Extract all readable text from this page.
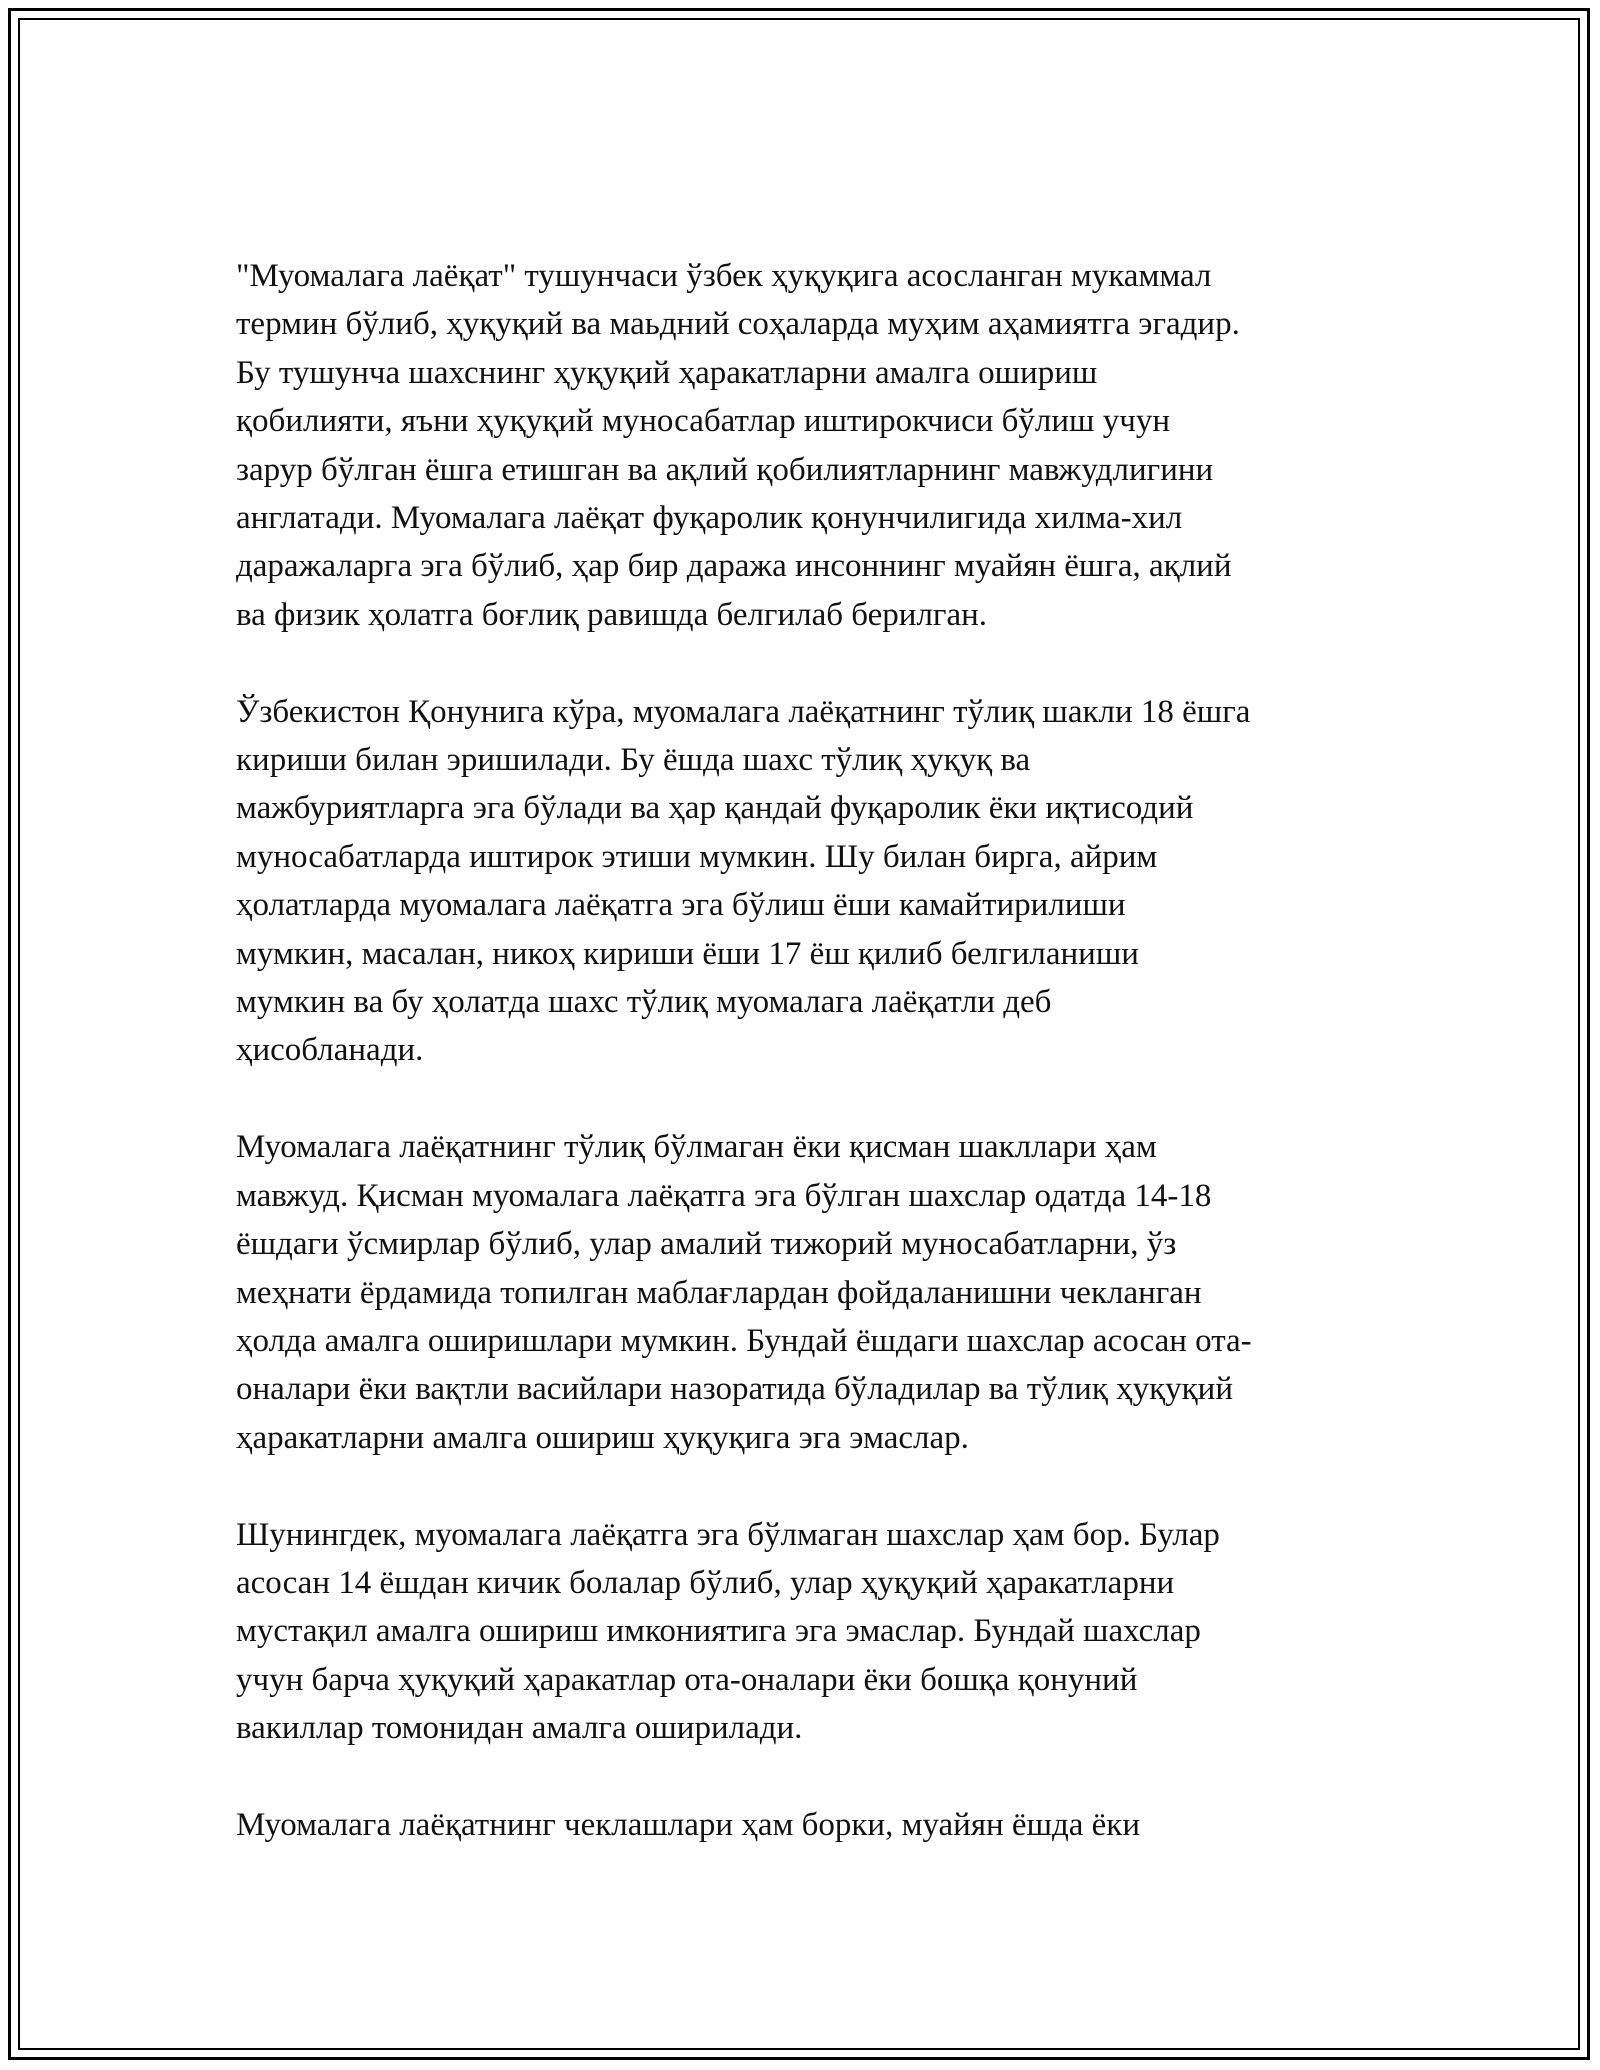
"Муомалага лаёқат" тушунчаси ўзбек ҳуқуқига асосланган мукаммал
термин бўлиб, ҳуқуқий ва маьдний соҳаларда муҳим аҳамиятга эгадир.
Бу тушунча шахснинг ҳуқуқий ҳаракатларни амалга ошириш
қобилияти, яъни ҳуқуқий муносабатлар иштирокчиси бўлиш учун
зарур бўлган ёшга етишган ва ақлий қобилиятларнинг мавжудлигини
англатади. Муомалага лаёқат фуқаролик қонунчилигида хилма-хил
даражаларга эга бўлиб, ҳар бир даража инсоннинг муайян ёшга, ақлий
ва физик ҳолатга боғлиқ равишда белгилаб берилган.

Ўзбекистон Қонунига кўра, муомалага лаёқатнинг тўлиқ шакли 18 ёшга
кириши билан эришилади. Бу ёшда шахс тўлиқ ҳуқуқ ва
мажбуриятларга эга бўлади ва ҳар қандай фуқаролик ёки иқтисодий
муносабатларда иштирок этиши мумкин. Шу билан бирга, айрим
ҳолатларда муомалага лаёқатга эга бўлиш ёши камайтирилиши
мумкин, масалан, никоҳ кириши ёши 17 ёш қилиб белгиланиши
мумкин ва бу ҳолатда шахс тўлиқ муомалага лаёқатли деб
ҳисобланади.

Муомалага лаёқатнинг тўлиқ бўлмаган ёки қисман шакллари ҳам
мавжуд. Қисман муомалага лаёқатга эга бўлган шахслар одатда 14-18
ёшдаги ўсмирлар бўлиб, улар амалий тижорий муносабатларни, ўз
меҳнати ёрдамида топилган маблағлардан фойдаланишни чекланган
ҳолда амалга оширишлари мумкин. Бундай ёшдаги шахслар асосан ота-
оналари ёки вақтли васийлари назоратида бўладилар ва тўлиқ ҳуқуқий
ҳаракатларни амалга ошириш ҳуқуқига эга эмаслар.

Шунингдек, муомалага лаёқатга эга бўлмаган шахслар ҳам бор. Булар
асосан 14 ёшдан кичик болалар бўлиб, улар ҳуқуқий ҳаракатларни
мустақил амалга ошириш имкониятига эга эмаслар. Бундай шахслар
учун барча ҳуқуқий ҳаракатлар ота-оналари ёки бошқа қонуний
вакиллар томонидан амалга оширилади.

Муомалага лаёқатнинг чеклашлари ҳам борки, муайян ёшда ёки
